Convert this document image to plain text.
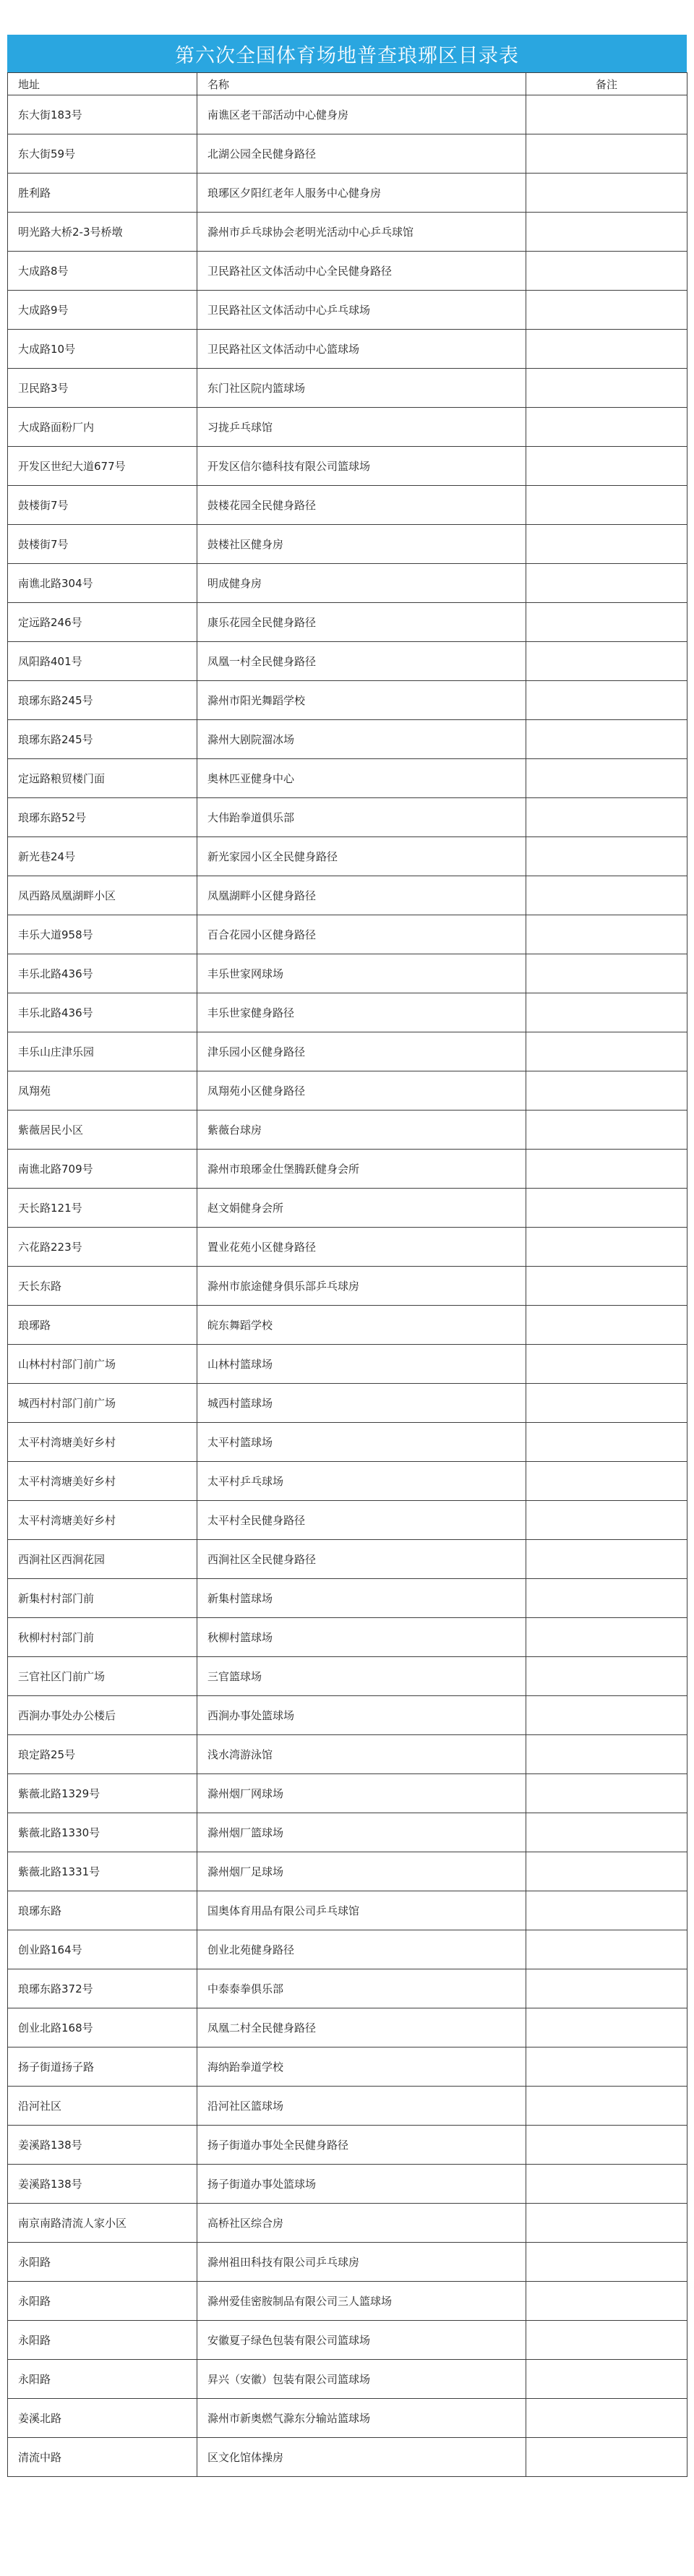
第六次全国体育场地普查琅琊区目录表
地址	名称	备注
东大街183号	南谯区老干部活动中心健身房	
东大街59号	北湖公园全民健身路径	
胜利路	琅琊区夕阳红老年人服务中心健身房	
明光路大桥2-3号桥墩	滁州市乒乓球协会老明光活动中心乒乓球馆	
大成路8号	卫民路社区文体活动中心全民健身路径	
大成路9号	卫民路社区文体活动中心乒乓球场	
大成路10号	卫民路社区文体活动中心篮球场	
卫民路3号	东门社区院内篮球场	
大成路面粉厂内	习拢乒乓球馆	
开发区世纪大道677号	开发区信尔德科技有限公司篮球场	
鼓楼街7号	鼓楼花园全民健身路径	
鼓楼街7号	鼓楼社区健身房	
南谯北路304号	明成健身房	
定远路246号	康乐花园全民健身路径	
凤阳路401号	凤凰一村全民健身路径	
琅琊东路245号	滁州市阳光舞蹈学校	
琅琊东路245号	滁州大剧院溜冰场	
定远路粮贸楼门面	奥林匹亚健身中心	
琅琊东路52号	大伟跆拳道俱乐部	
新光巷24号	新光家园小区全民健身路径	
凤西路凤凰湖畔小区	凤凰湖畔小区健身路径	
丰乐大道958号	百合花园小区健身路径	
丰乐北路436号	丰乐世家网球场	
丰乐北路436号	丰乐世家健身路径	
丰乐山庄津乐园	津乐园小区健身路径	
凤翔苑	凤翔苑小区健身路径	
紫薇居民小区	紫薇台球房	
南谯北路709号	滁州市琅琊金仕堡腾跃健身会所	
天长路121号	赵文娟健身会所	
六花路223号	置业花苑小区健身路径	
天长东路	滁州市旅途健身俱乐部乒乓球房	
琅琊路	皖东舞蹈学校	
山林村村部门前广场	山林村篮球场	
城西村村部门前广场	城西村篮球场	
太平村湾塘美好乡村	太平村篮球场	
太平村湾塘美好乡村	太平村乒乓球场	
太平村湾塘美好乡村	太平村全民健身路径	
西涧社区西涧花园	西涧社区全民健身路径	
新集村村部门前	新集村篮球场	
秋柳村村部门前	秋柳村篮球场	
三官社区门前广场	三官篮球场	
西涧办事处办公楼后	西涧办事处篮球场	
琅定路25号	浅水湾游泳馆	
紫薇北路1329号	滁州烟厂网球场	
紫薇北路1330号	滁州烟厂篮球场	
紫薇北路1331号	滁州烟厂足球场	
琅琊东路	国奥体育用品有限公司乒乓球馆	
创业路164号	创业北苑健身路径	
琅琊东路372号	中泰泰拳俱乐部	
创业北路168号	凤凰二村全民健身路径	
扬子街道扬子路	海纳跆拳道学校	
沿河社区	沿河社区篮球场	
姜溪路138号	扬子街道办事处全民健身路径	
姜溪路138号	扬子街道办事处篮球场	
南京南路清流人家小区	高桥社区综合房	
永阳路	滁州祖田科技有限公司乒乓球房	
永阳路	滁州爱佳密胺制品有限公司三人篮球场	
永阳路	安徽夏子绿色包装有限公司篮球场	
永阳路	昇兴（安徽）包装有限公司篮球场	
姜溪北路	滁州市新奥燃气滁东分输站篮球场	
清流中路	区文化馆体操房	
